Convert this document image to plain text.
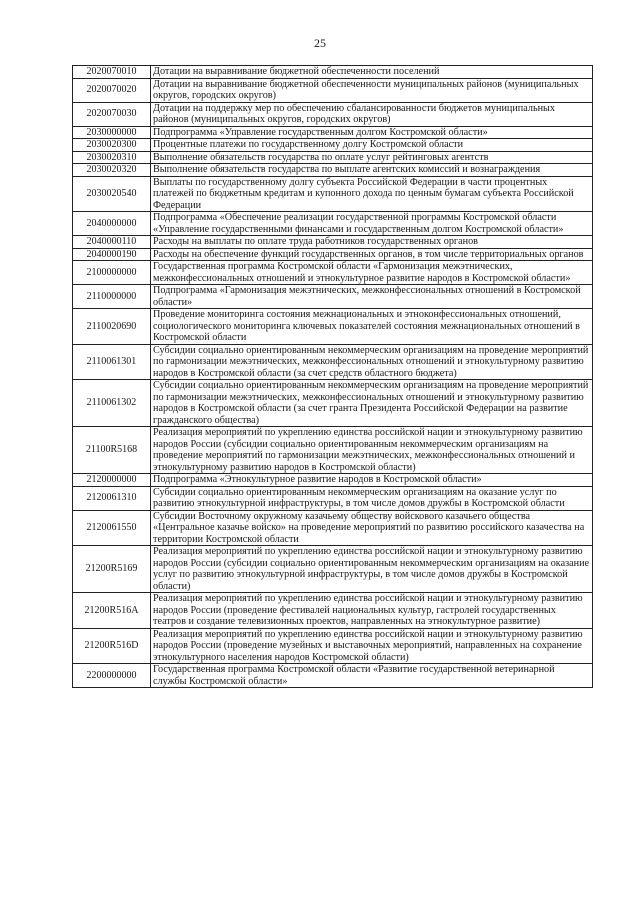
25
2020070010	Дотации на выравнивание бюджетной обеспеченности поселений
2020070020	Дотации на выравнивание бюджетной обеспеченности муниципальных районов (муниципальных округов, городских округов)
2020070030	Дотации на поддержку мер по обеспечению сбалансированности бюджетов муниципальных районов (муниципальных округов, городских округов)
2030000000	Подпрограмма «Управление государственным долгом Костромской области»
2030020300	Процентные платежи по государственному долгу Костромской области
2030020310	Выполнение обязательств государства по оплате услуг рейтинговых агентств
2030020320	Выполнение обязательств государства по выплате агентских комиссий и вознаграждения
2030020540	Выплаты по государственному долгу субъекта Российской Федерации в части процентных платежей по бюджетным кредитам и купонного дохода по ценным бумагам субъекта Российской Федерации
2040000000	Подпрограмма «Обеспечение реализации государственной программы Костромской области «Управление государственными финансами и государственным долгом Костромской области»
2040000110	Расходы на выплаты по оплате труда работников государственных органов
2040000190	Расходы на обеспечение функций государственных органов, в том числе территориальных органов
2100000000	Государственная программа Костромской области «Гармонизация межэтнических, межконфессиональных отношений и этнокультурное развитие народов в Костромской области»
2110000000	Подпрограмма «Гармонизация межэтнических, межконфессиональных отношений в Костромской области»
2110020690	Проведение мониторинга состояния межнациональных и этноконфессиональных отношений, социологического мониторинга ключевых показателей состояния межнациональных отношений в Костромской области
2110061301	Субсидии социально ориентированным некоммерческим организациям на проведение мероприятий по гармонизации межэтнических, межконфессиональных отношений и этнокультурному развитию народов в Костромской области (за счет средств областного бюджета)
2110061302	Субсидии социально ориентированным некоммерческим организациям на проведение мероприятий по гармонизации межэтнических, межконфессиональных отношений и этнокультурному развитию народов в Костромской области (за счет гранта Президента Российской Федерации на развитие гражданского общества)
21100R5168	Реализация мероприятий по укреплению единства российской нации и этнокультурному развитию народов России (субсидии социально ориентированным некоммерческим организациям на проведение мероприятий по гармонизации межэтнических, межконфессиональных отношений и этнокультурному развитию народов в Костромской области)
2120000000	Подпрограмма «Этнокультурное развитие народов в Костромской области»
2120061310	Субсидии социально ориентированным некоммерческим организациям на оказание услуг по развитию этнокультурной инфраструктуры, в том числе домов дружбы в Костромской области
2120061550	Субсидии Восточному окружному казачьему обществу войскового казачьего общества «Центральное казачье войско» на проведение мероприятий по развитию российского казачества на территории Костромской области
21200R5169	Реализация мероприятий по укреплению единства российской нации и этнокультурному развитию народов России (субсидии социально ориентированным некоммерческим организациям на оказание услуг по развитию этнокультурной инфраструктуры, в том числе домов дружбы в Костромской области)
21200R516A	Реализация мероприятий по укреплению единства российской нации и этнокультурному развитию народов России (проведение фестивалей национальных культур, гастролей государственных театров и создание телевизионных проектов, направленных на этнокультурное развитие)
21200R516D	Реализация мероприятий по укреплению единства российской нации и этнокультурному развитию народов России (проведение музейных и выставочных мероприятий, направленных на сохранение этнокультурного населения народов Костромской области)
2200000000	Государственная программа Костромской области «Развитие государственной ветеринарной службы Костромской области»
